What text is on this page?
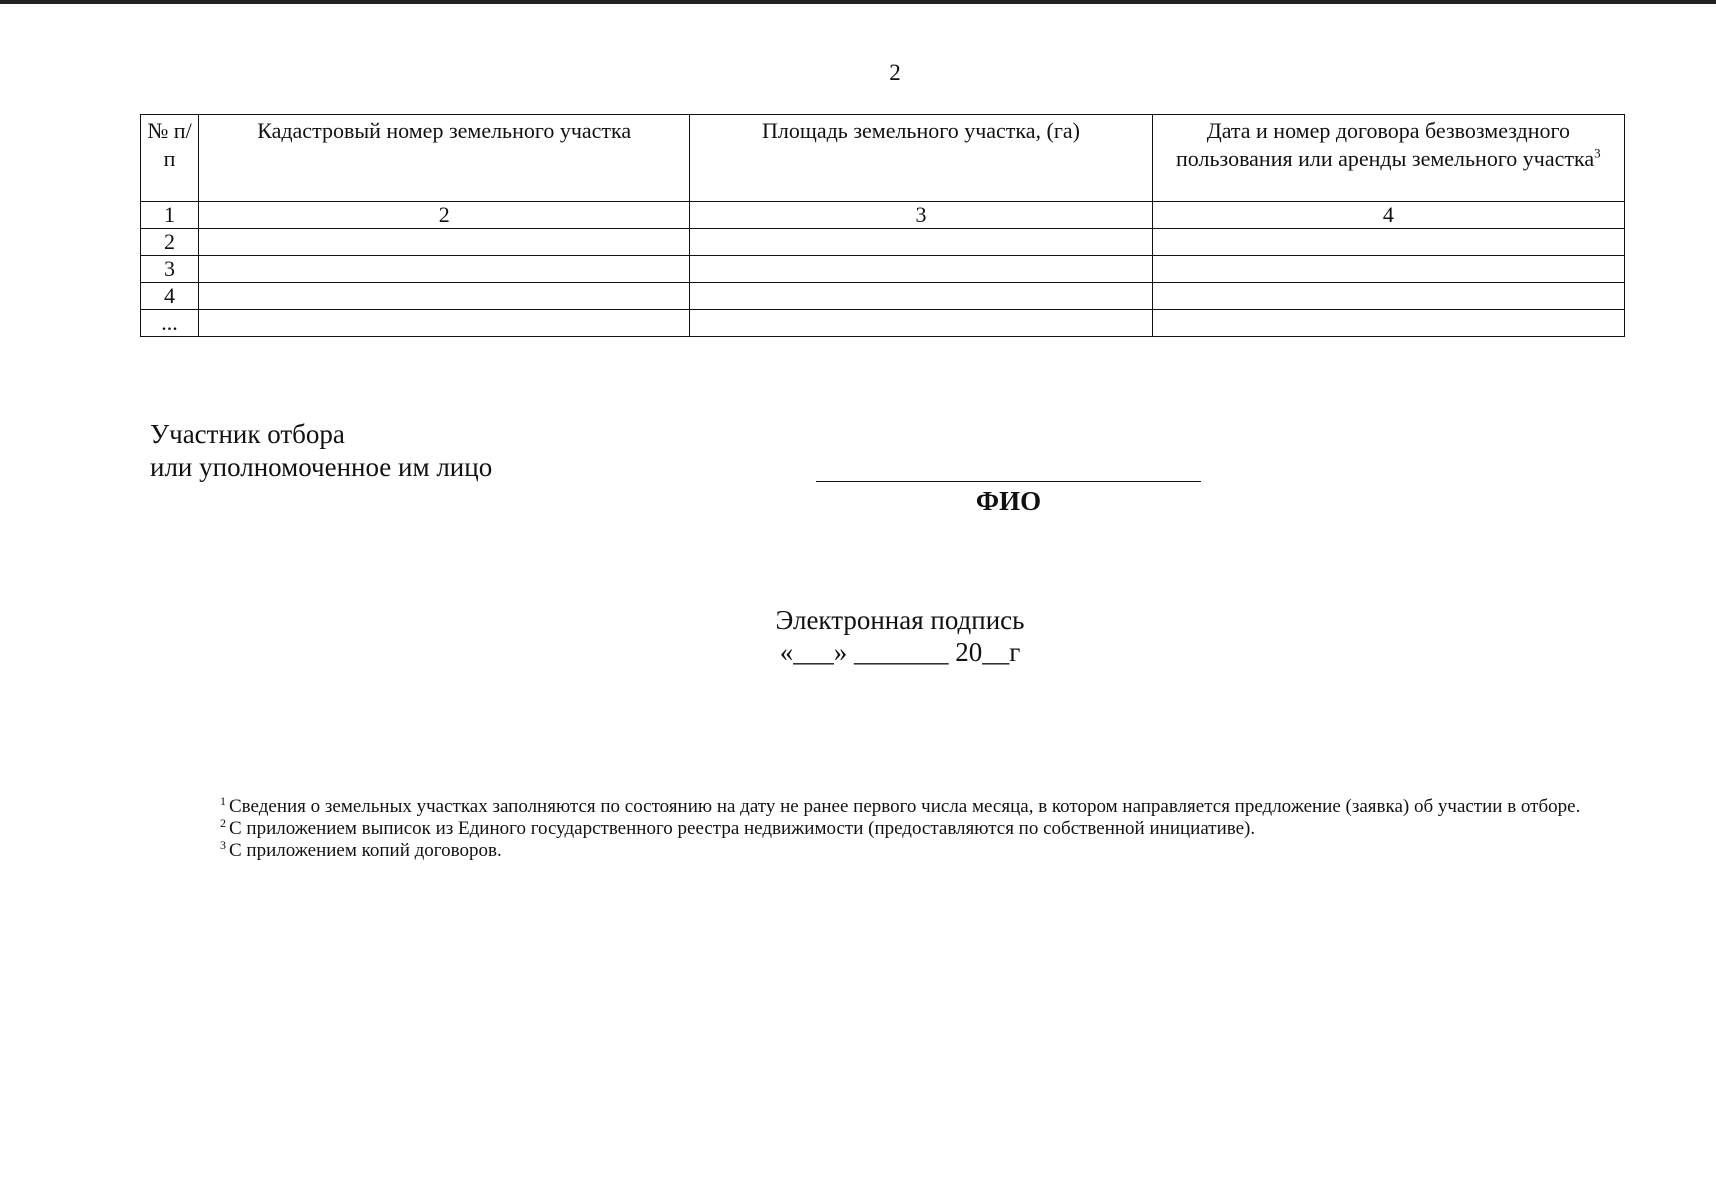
2
№ п/п	Кадастровый номер земельного участка	Площадь земельного участка, (га)	Дата и номер договора безвозмездного пользования или аренды земельного участка$^3$
1	2	3	4
2			
3			
4			
...			
Участник отбора
или уполномоченное им лицо
ФИО
Электронная подпись
«___» _______ 20__г

$^1$ Сведения о земельных участках заполняются по состоянию на дату не ранее первого числа месяца, в котором направляется предложение (заявка) об участии в отборе.

$^2$ С приложением выписок из Единого государственного реестра недвижимости (предоставляются по собственной инициативе).

$^3$ С приложением копий договоров.
